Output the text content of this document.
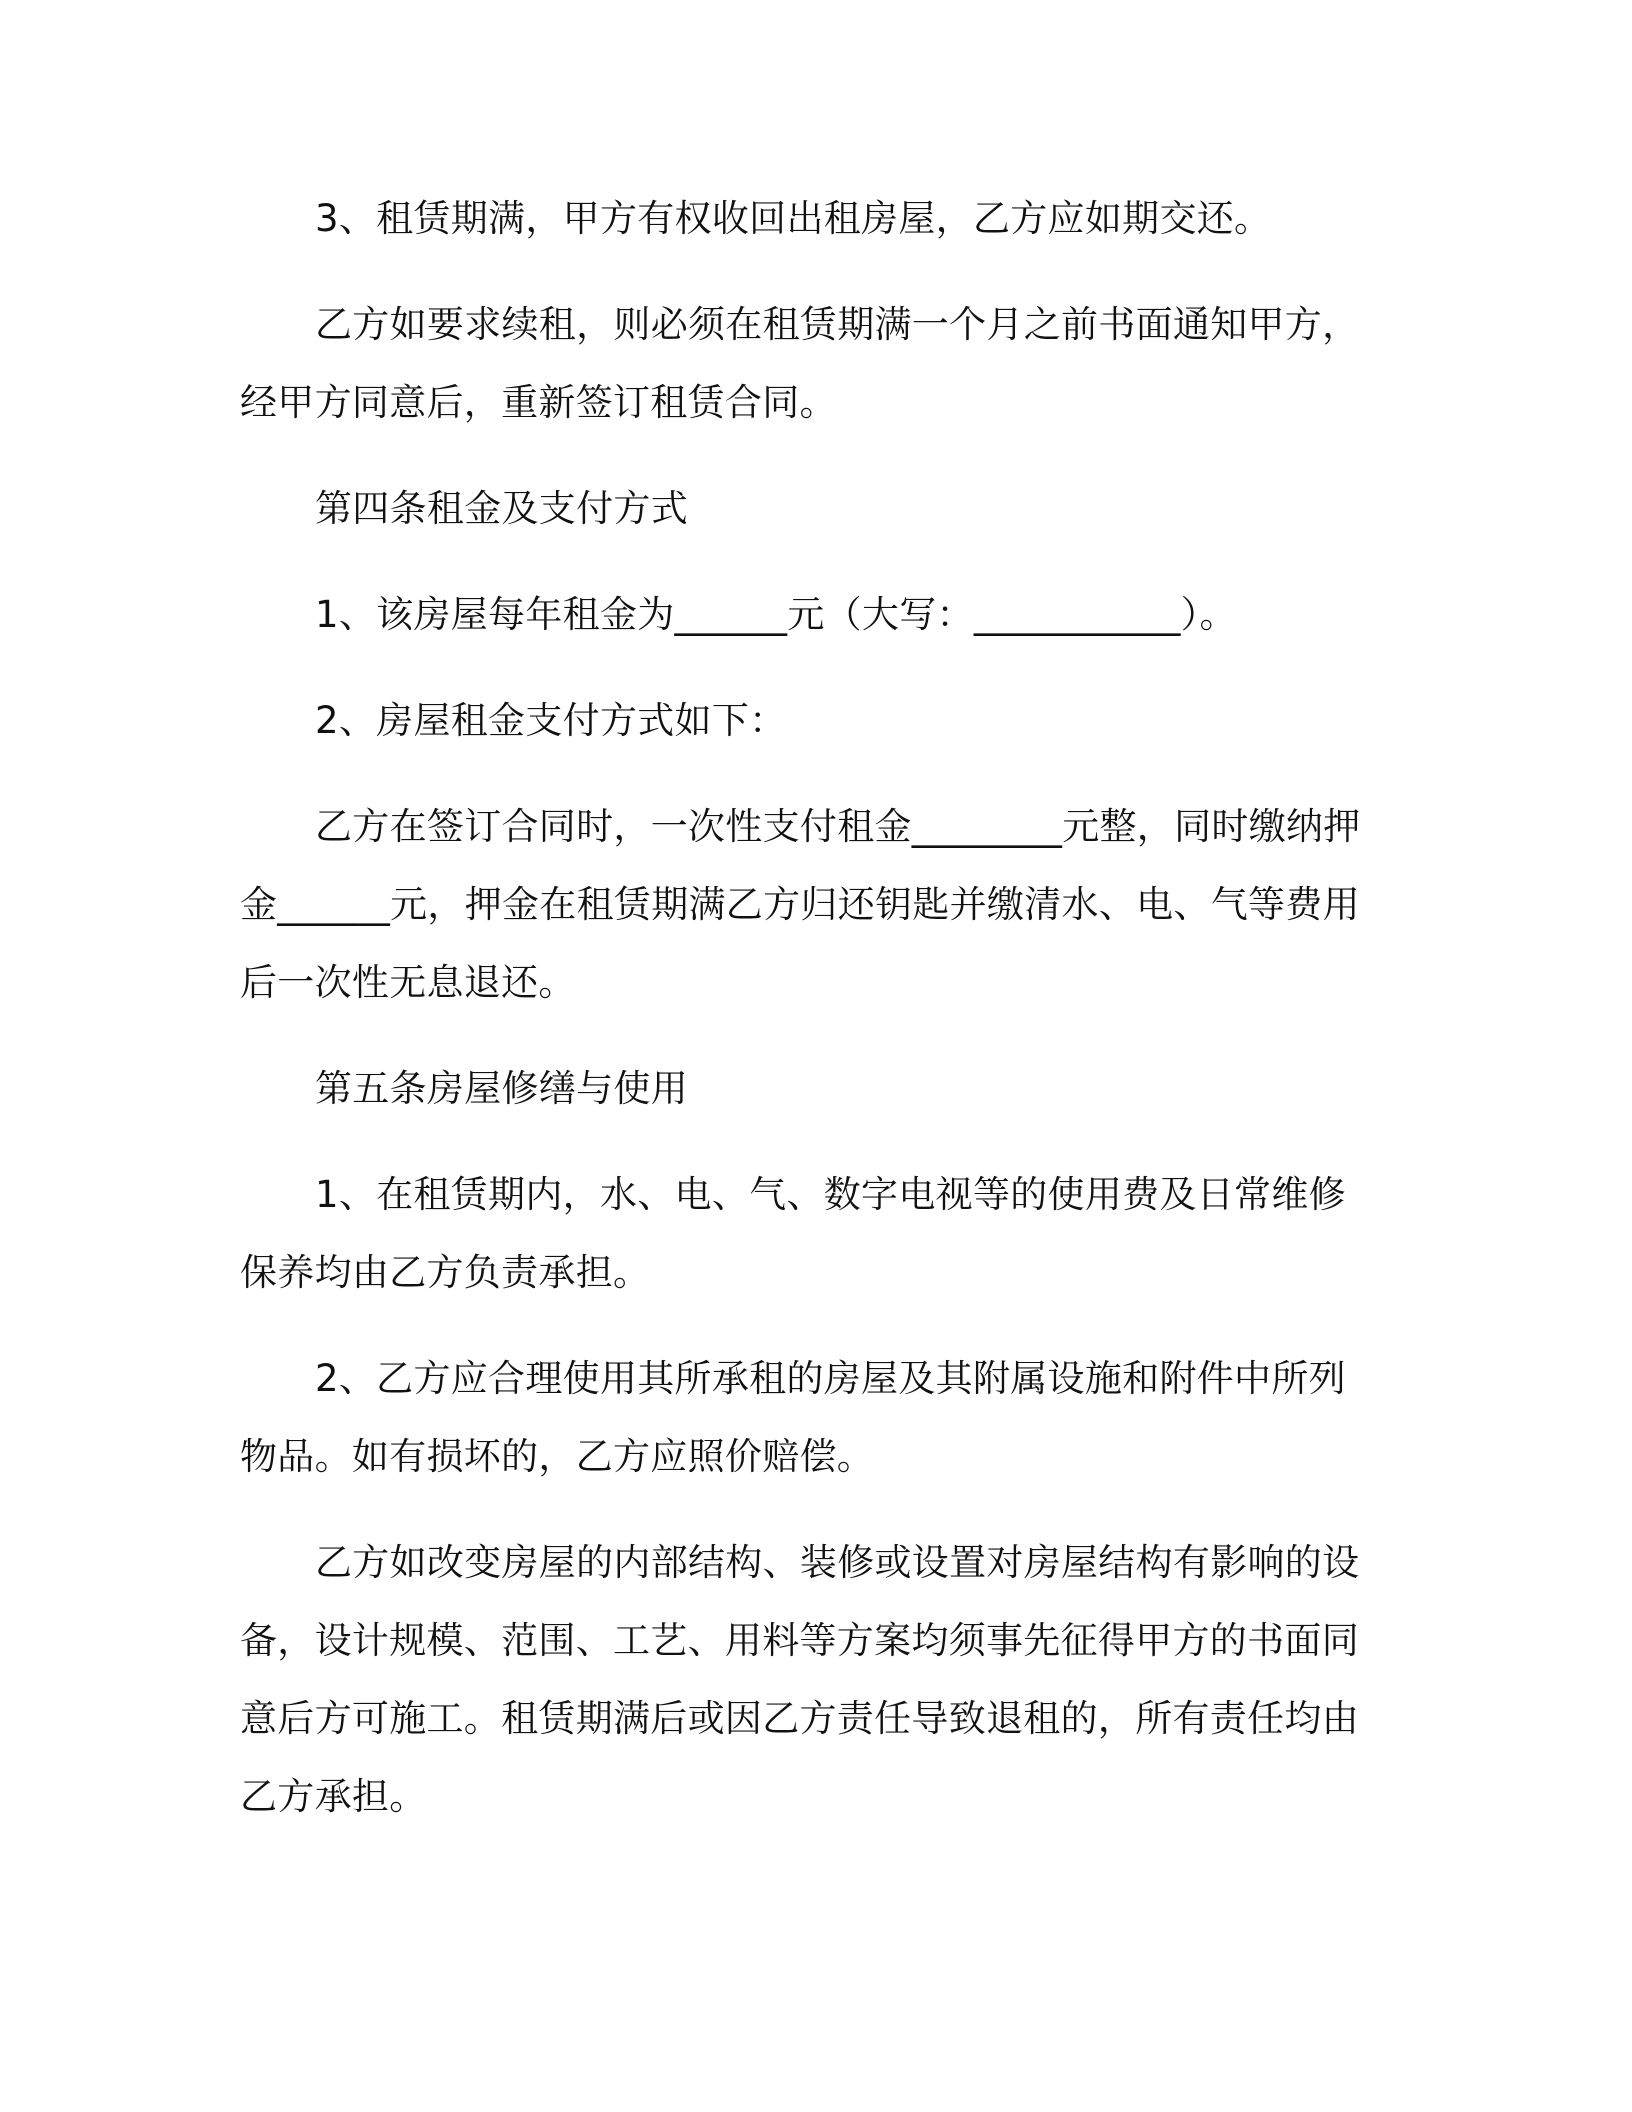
3、租赁期满，甲方有权收回出租房屋，乙方应如期交还。

乙方如要求续租，则必须在租赁期满一个月之前书面通知甲方，经甲方同意后，重新签订租赁合同。

第四条租金及支付方式

1、该房屋每年租金为______元（大写：___________）。

2、房屋租金支付方式如下：

乙方在签订合同时，一次性支付租金________元整，同时缴纳押金______元，押金在租赁期满乙方归还钥匙并缴清水、电、气等费用后一次性无息退还。

第五条房屋修缮与使用

1、在租赁期内，水、电、气、数字电视等的使用费及日常维修保养均由乙方负责承担。

2、乙方应合理使用其所承租的房屋及其附属设施和附件中所列物品。如有损坏的，乙方应照价赔偿。

乙方如改变房屋的内部结构、装修或设置对房屋结构有影响的设备，设计规模、范围、工艺、用料等方案均须事先征得甲方的书面同意后方可施工。租赁期满后或因乙方责任导致退租的，所有责任均由乙方承担。
